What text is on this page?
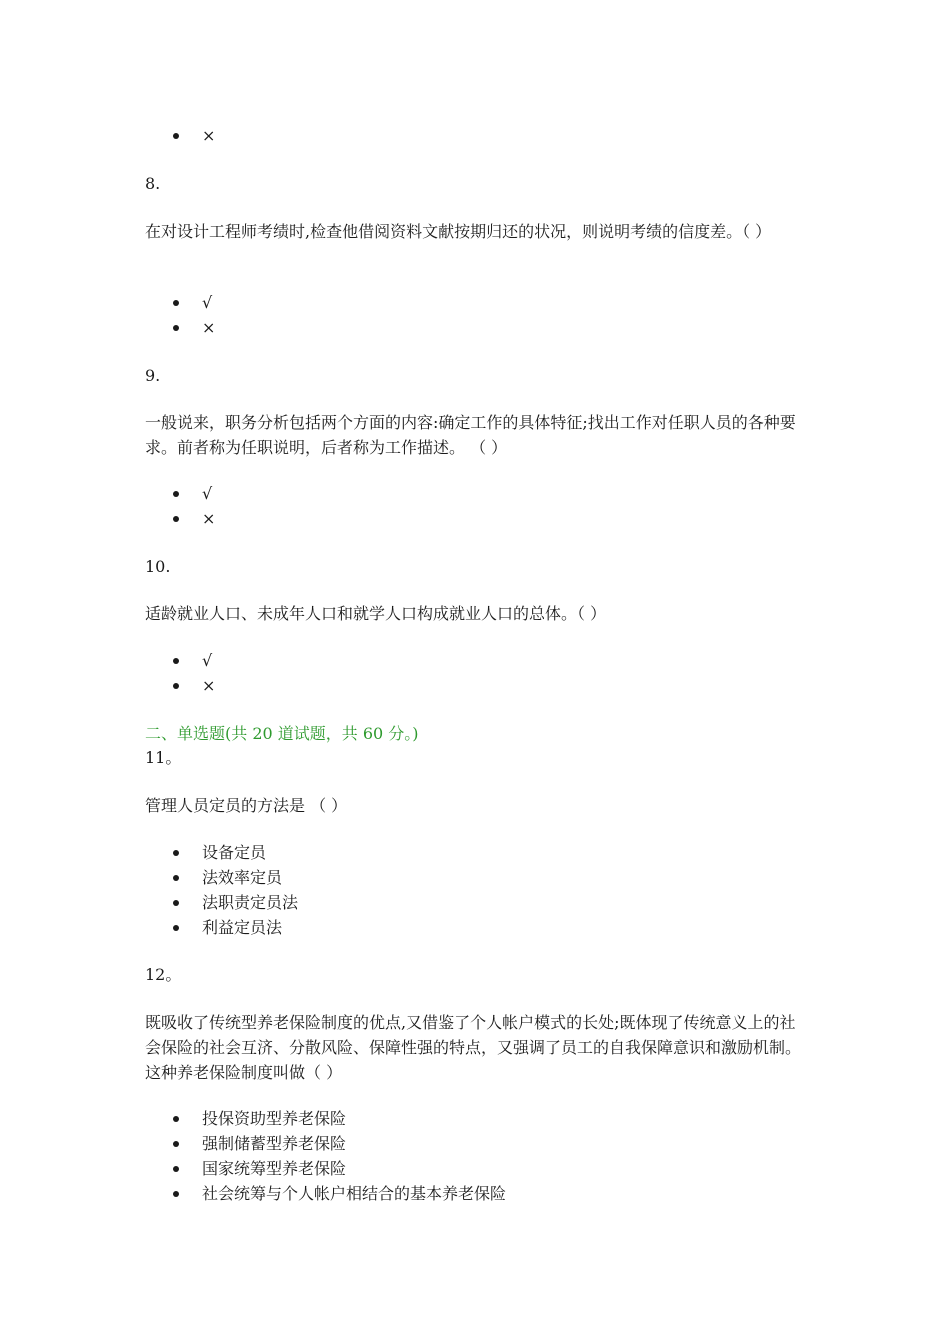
×
8.

在对设计工程师考绩时,检查他借阅资料文献按期归还的状况，则说明考绩的信度差。（ ）

√
×
9.

一般说来，职务分析包括两个方面的内容:确定工作的具体特征;找出工作对任职人员的各种要求。前者称为任职说明，后者称为工作描述。 （ ）

√
×
10.

适龄就业人口、未成年人口和就学人口构成就业人口的总体。（ ）

√
×
二、单选题(共 20 道试题，共 60 分。)
11。

管理人员定员的方法是 （ ）

设备定员
法效率定员
法职责定员法
利益定员法
12。

既吸收了传统型养老保险制度的优点,又借鉴了个人帐户模式的长处;既体现了传统意义上的社会保险的社会互济、分散风险、保障性强的特点，又强调了员工的自我保障意识和激励机制。这种养老保险制度叫做（ ）

投保资助型养老保险
强制储蓄型养老保险
国家统筹型养老保险
社会统筹与个人帐户相结合的基本养老保险
